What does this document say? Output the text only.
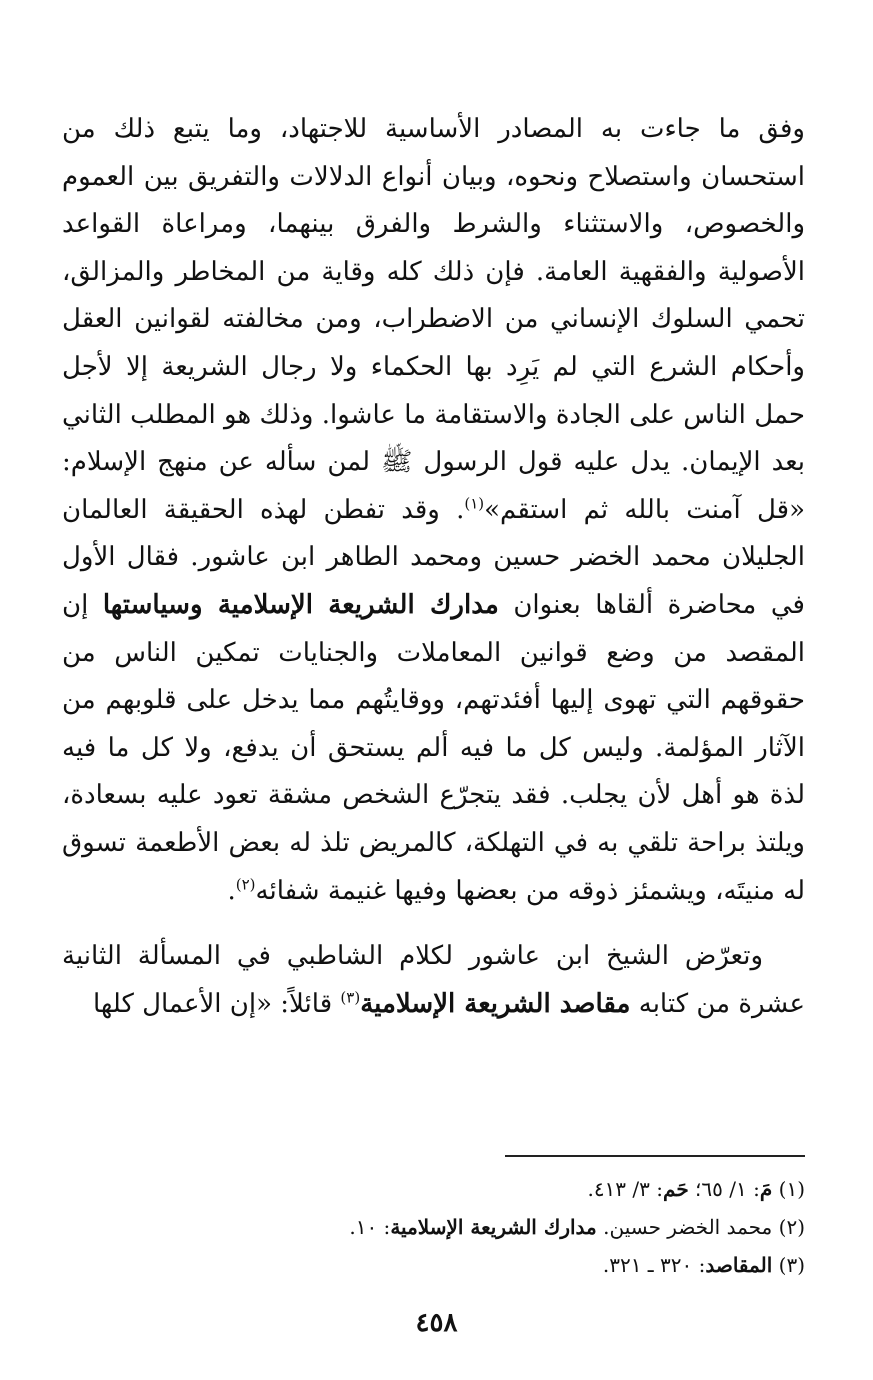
وفق ما جاءت به المصادر الأساسية للاجتهاد، وما يتبع ذلك من استحسان واستصلاح ونحوه، وبيان أنواع الدلالات والتفريق بين العموم والخصوص، والاستثناء والشرط والفرق بينهما، ومراعاة القواعد الأصولية والفقهية العامة. فإن ذلك كله وقاية من المخاطر والمزالق، تحمي السلوك الإنساني من الاضطراب، ومن مخالفته لقوانين العقل وأحكام الشرع التي لم يَرِد بها الحكماء ولا رجال الشريعة إلا لأجل حمل الناس على الجادة والاستقامة ما عاشوا. وذلك هو المطلب الثاني بعد الإيمان. يدل عليه قول الرسول ﷺ لمن سأله عن منهج الإسلام: «قل آمنت بالله ثم استقم»$^{(١)}$. وقد تفطن لهذه الحقيقة العالمان الجليلان محمد الخضر حسين ومحمد الطاهر ابن عاشور. فقال الأول في محاضرة ألقاها بعنوان مدارك الشريعة الإسلامية وسياستها إن المقصد من وضع قوانين المعاملات والجنايات تمكين الناس من حقوقهم التي تهوى إليها أفئدتهم، ووقايتُهم مما يدخل على قلوبهم من الآثار المؤلمة. وليس كل ما فيه ألم يستحق أن يدفع، ولا كل ما فيه لذة هو أهل لأن يجلب. فقد يتجرّع الشخص مشقة تعود عليه بسعادة، ويلتذ براحة تلقي به في التهلكة، كالمريض تلذ له بعض الأطعمة تسوق له منيتَه، ويشمئز ذوقه من بعضها وفيها غنيمة شفائه$^{(٢)}$.

وتعرّض الشيخ ابن عاشور لكلام الشاطبي في المسألة الثانية عشرة من كتابه مقاصد الشريعة الإسلامية$^{(٣)}$ قائلاً: «إن الأعمال كلها

(١) مَ: ١/ ٦٥؛ حَم: ٣/ ٤١٣.

(٢) محمد الخضر حسين. مدارك الشريعة الإسلامية: ١٠.

(٣) المقاصد: ٣٢٠ ـ ٣٢١.

٤٥٨
